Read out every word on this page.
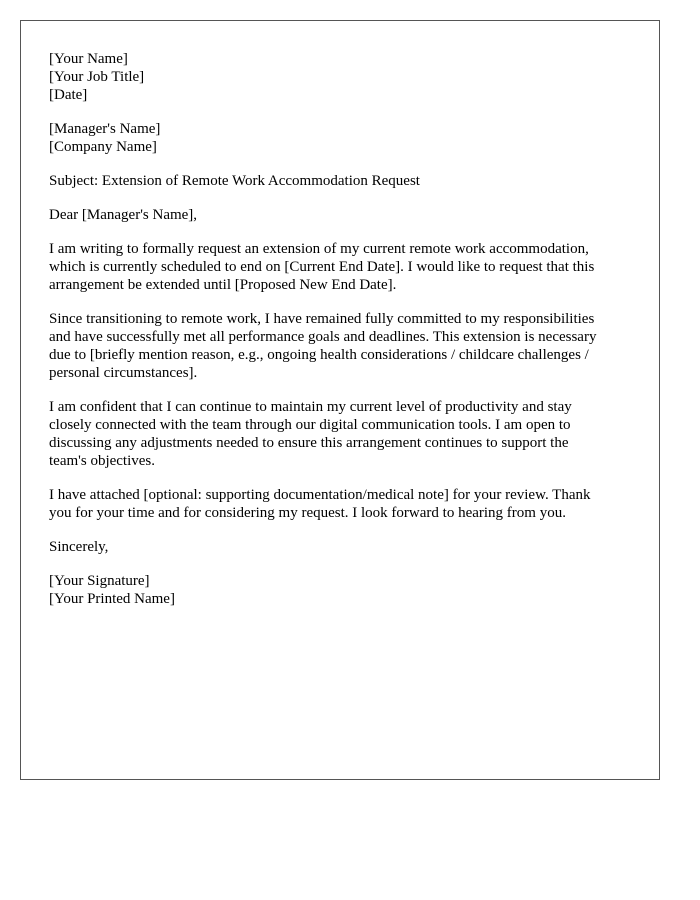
[Your Name]
[Your Job Title]
[Date]
[Manager's Name]
[Company Name]
Subject: Extension of Remote Work Accommodation Request
Dear [Manager's Name],

I am writing to formally request an extension of my current remote work accommodation,
which is currently scheduled to end on [Current End Date]. I would like to request that this
arrangement be extended until [Proposed New End Date].

Since transitioning to remote work, I have remained fully committed to my responsibilities
and have successfully met all performance goals and deadlines. This extension is necessary
due to [briefly mention reason, e.g., ongoing health considerations / childcare challenges /
personal circumstances].

I am confident that I can continue to maintain my current level of productivity and stay
closely connected with the team through our digital communication tools. I am open to
discussing any adjustments needed to ensure this arrangement continues to support the
team's objectives.

I have attached [optional: supporting documentation/medical note] for your review. Thank
you for your time and for considering my request. I look forward to hearing from you.

Sincerely,
[Your Signature]
[Your Printed Name]
